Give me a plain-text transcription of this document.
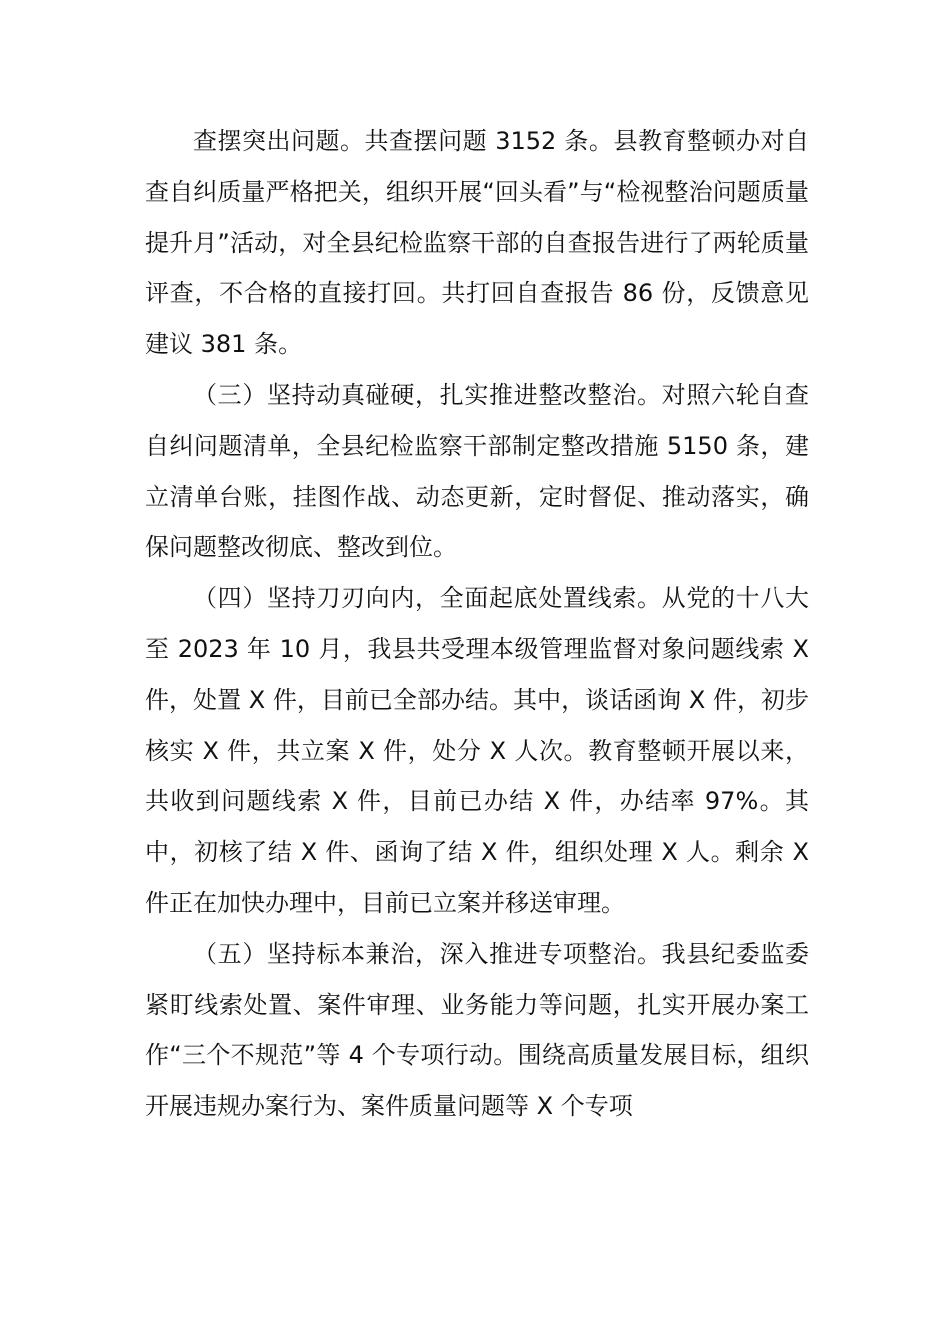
查摆突出问题。共查摆问题 3152 条。县教育整顿办对自查自纠质量严格把关，组织开展“回头看”与“检视整治问题质量提升月”活动，对全县纪检监察干部的自查报告进行了两轮质量评查，不合格的直接打回。共打回自查报告 86 份，反馈意见建议 381 条。

（三）坚持动真碰硬，扎实推进整改整治。对照六轮自查自纠问题清单，全县纪检监察干部制定整改措施 5150 条，建立清单台账，挂图作战、动态更新，定时督促、推动落实，确保问题整改彻底、整改到位。

（四）坚持刀刃向内，全面起底处置线索。从党的十八大至 2023 年 10 月，我县共受理本级管理监督对象问题线索 X 件，处置 X 件，目前已全部办结。其中，谈话函询 X 件，初步核实 X 件，共立案 X 件，处分 X 人次。教育整顿开展以来，共收到问题线索 X 件，目前已办结 X 件，办结率 97%。其中，初核了结 X 件、函询了结 X 件，组织处理 X 人。剩余 X 件正在加快办理中，目前已立案并移送审理。

（五）坚持标本兼治，深入推进专项整治。我县纪委监委紧盯线索处置、案件审理、业务能力等问题，扎实开展办案工作“三个不规范”等 4 个专项行动。围绕高质量发展目标，组织开展违规办案行为、案件质量问题等 X 个专项
